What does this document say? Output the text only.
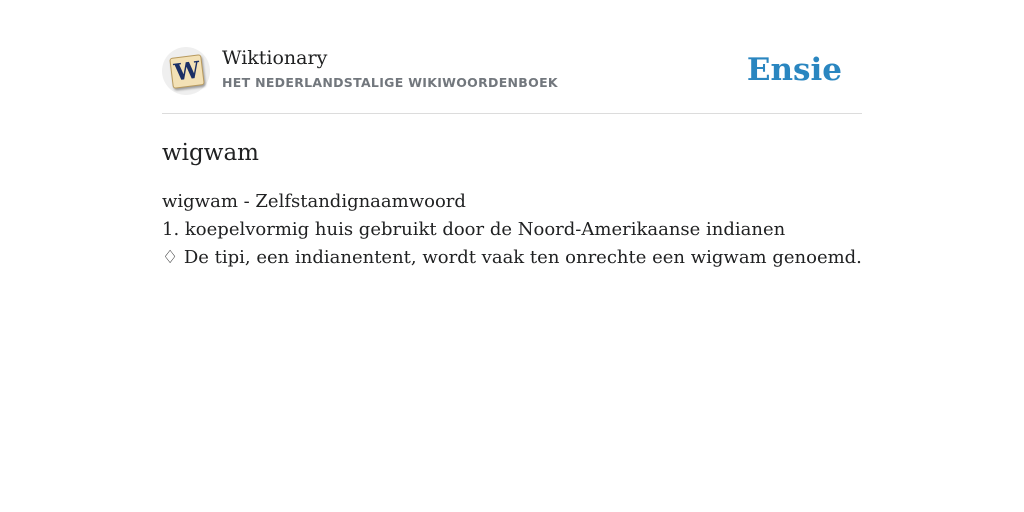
W Wiktionary
HET NEDERLANDSTALIGE WIKIWOORDENBOEK	Ensie
wigwam
wigwam - Zelfstandignaamwoord
1. koepelvormig huis gebruikt door de Noord-Amerikaanse indianen
♢ De tipi, een indianentent, wordt vaak ten onrechte een wigwam genoemd.
